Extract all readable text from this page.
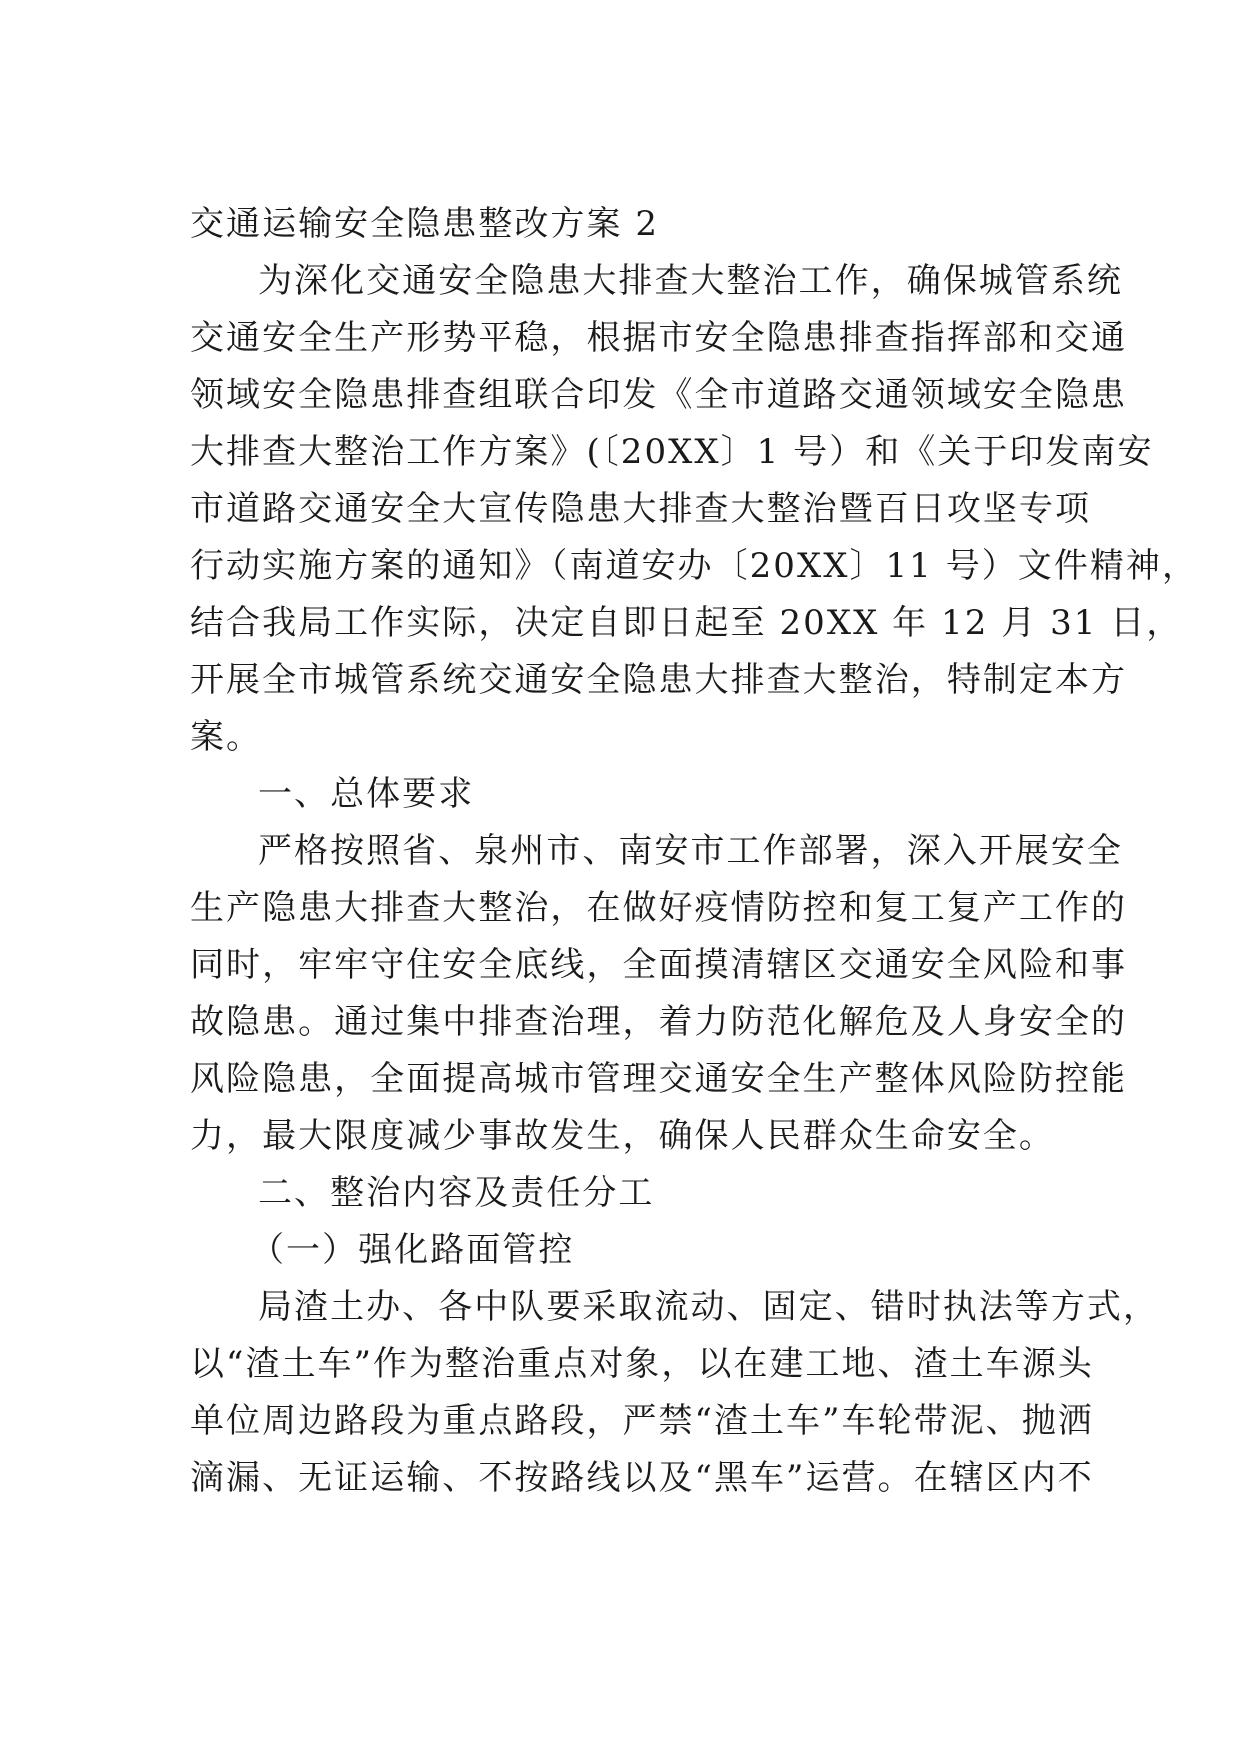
交通运输安全隐患整改方案 2
为深化交通安全隐患大排查大整治工作，确保城管系统
交通安全生产形势平稳，根据市安全隐患排查指挥部和交通
领域安全隐患排查组联合印发《全市道路交通领域安全隐患
大排查大整治工作方案》(〔20XX〕1 号）和《关于印发南安
市道路交通安全大宣传隐患大排查大整治暨百日攻坚专项
行动实施方案的通知》（南道安办〔20XX〕11 号）文件精神，
结合我局工作实际，决定自即日起至 20XX 年 12 月 31 日，
开展全市城管系统交通安全隐患大排查大整治，特制定本方
案。
一、总体要求
严格按照省、泉州市、南安市工作部署，深入开展安全
生产隐患大排查大整治，在做好疫情防控和复工复产工作的
同时，牢牢守住安全底线，全面摸清辖区交通安全风险和事
故隐患。通过集中排查治理，着力防范化解危及人身安全的
风险隐患，全面提高城市管理交通安全生产整体风险防控能
力，最大限度减少事故发生，确保人民群众生命安全。
二、整治内容及责任分工
（一）强化路面管控
局渣土办、各中队要采取流动、固定、错时执法等方式，
以“渣土车”作为整治重点对象，以在建工地、渣土车源头
单位周边路段为重点路段，严禁“渣土车”车轮带泥、抛洒
滴漏、无证运输、不按路线以及“黑车”运营。在辖区内不
